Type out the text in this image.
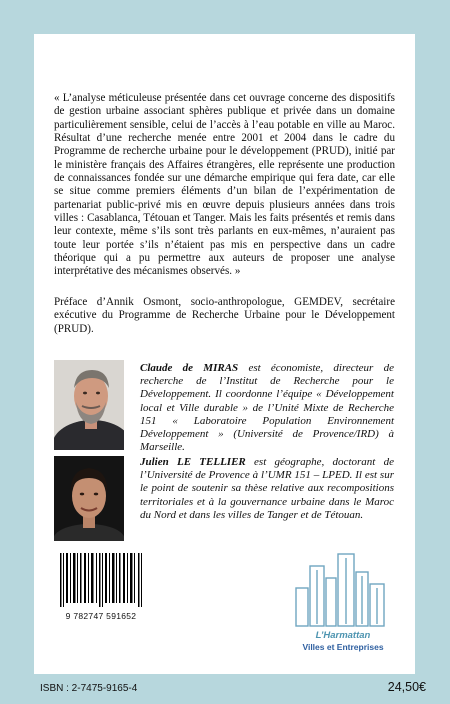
« L’analyse méticuleuse présentée dans cet ouvrage concerne des dispositifs de gestion urbaine associant sphères publique et privée dans un domaine particulièrement sensible, celui de l’accès à l’eau potable en ville au Maroc. Résultat d’une recherche menée entre 2001 et 2004 dans le cadre du Programme de recherche urbaine pour le développement (PRUD), initié par le ministère français des Affaires étrangères, elle représente une production de connaissances fondée sur une démarche empirique qui fera date, car elle se situe comme premiers éléments d’un bilan de l’expérimentation de partenariat public-privé mis en œuvre depuis plusieurs années dans trois villes : Casablanca, Tétouan et Tanger. Mais les faits présentés et remis dans leur contexte, même s’ils sont très parlants en eux-mêmes, n’auraient pas toute leur portée s’ils n’étaient pas mis en perspective dans un cadre théorique qui a pu permettre aux auteurs de proposer une analyse interprétative des mécanismes observés. »

Préface d’Annik Osmont, socio-anthropologue, GEMDEV, secrétaire exécutive du Programme de Recherche Urbaine pour le Développement (PRUD).

Claude de MIRAS est économiste, directeur de recherche de l’Institut de Recherche pour le Développement. Il coordonne l’équipe « Développement local et Ville durable » de l’Unité Mixte de Recherche 151 « Laboratoire Population Environnement Développement » (Université de Provence/IRD) à Marseille.

Julien LE TELLIER est géographe, doctorant de l’Université de Provence à l’UMR 151 – LPED. Il est sur le point de soutenir sa thèse relative aux recompositions territoriales et à la gouvernance urbaine dans le Maroc du Nord et dans les villes de Tanger et de Tétouan.

9 782747 591652
L’Harmattan
Villes et Entreprises
ISBN : 2-7475-9165-4	24,50€
